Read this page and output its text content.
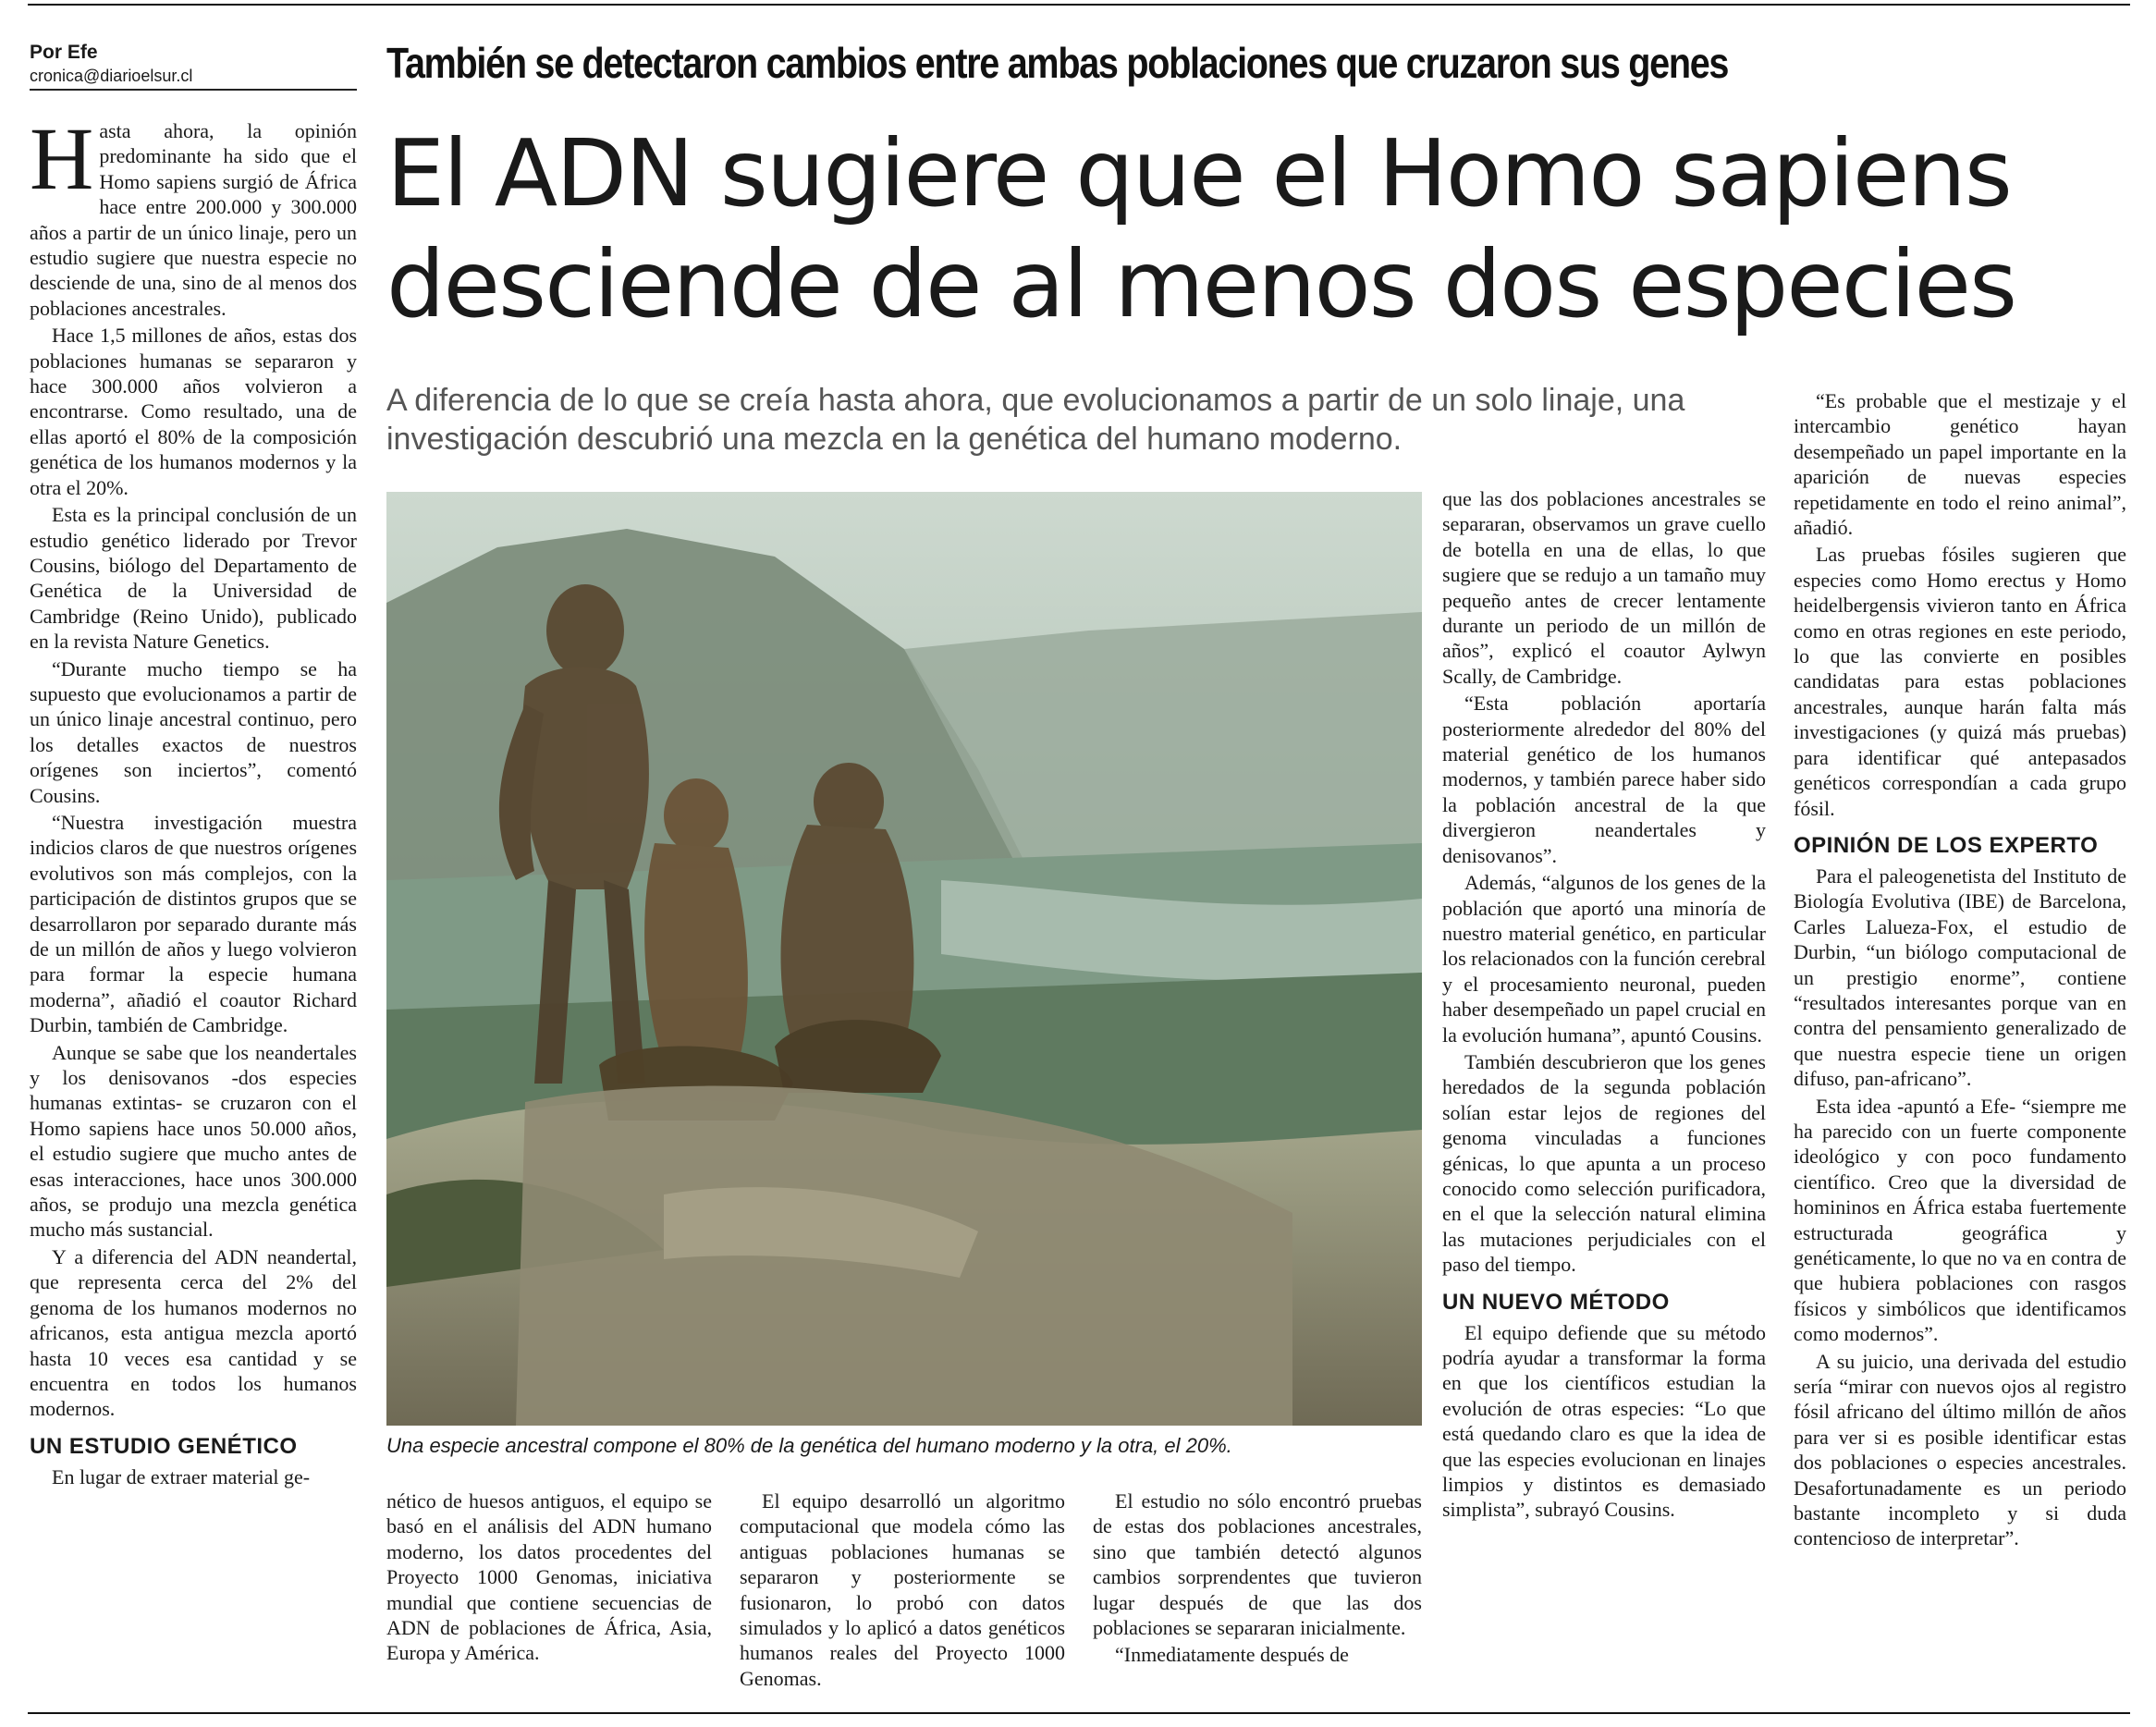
Por Efe
cronica@diarioelsur.cl	También se detectaron cambios entre ambas poblaciones que cruzaron sus genes
El ADN sugiere que el Homo sapiens desciende de al menos dos especies

A diferencia de lo que se creía hasta ahora, que evolucionamos a partir de un solo linaje, una investigación descubrió una mezcla en la genética del humano moderno.

Hasta ahora, la opinión predominante ha sido que el Homo sapiens surgió de África hace entre 200.000 y 300.000 años a partir de un único linaje, pero un estudio sugiere que nuestra especie no desciende de una, sino de al menos dos poblaciones ancestrales.

Hace 1,5 millones de años, estas dos poblaciones humanas se separaron y hace 300.000 años volvieron a encontrarse. Como resultado, una de ellas aportó el 80% de la composición genética de los humanos modernos y la otra el 20%.

Esta es la principal conclusión de un estudio genético liderado por Trevor Cousins, biólogo del Departamento de Genética de la Universidad de Cambridge (Reino Unido), publicado en la revista Nature Genetics.

“Durante mucho tiempo se ha supuesto que evolucionamos a partir de un único linaje ancestral continuo, pero los detalles exactos de nuestros orígenes son inciertos”, comentó Cousins.

“Nuestra investigación muestra indicios claros de que nuestros orígenes evolutivos son más complejos, con la participación de distintos grupos que se desarrollaron por separado durante más de un millón de años y luego volvieron para formar la especie humana moderna”, añadió el coautor Richard Durbin, también de Cambridge.

Aunque se sabe que los neandertales y los denisovanos -dos especies humanas extintas- se cruzaron con el Homo sapiens hace unos 50.000 años, el estudio sugiere que mucho antes de esas interacciones, hace unos 300.000 años, se produjo una mezcla genética mucho más sustancial.

Y a diferencia del ADN neandertal, que representa cerca del 2% del genoma de los humanos modernos no africanos, esta antigua mezcla aportó hasta 10 veces esa cantidad y se encuentra en todos los humanos modernos.

UN ESTUDIO GENÉTICO

En lugar de extraer material ge-

Una especie ancestral compone el 80% de la genética del humano moderno y la otra, el 20%.

nético de huesos antiguos, el equipo se basó en el análisis del ADN humano moderno, los datos procedentes del Proyecto 1000 Genomas, iniciativa mundial que contiene secuencias de ADN de poblaciones de África, Asia, Europa y América.

El equipo desarrolló un algoritmo computacional que modela cómo las antiguas poblaciones humanas se separaron y posteriormente se fusionaron, lo probó con datos simulados y lo aplicó a datos genéticos humanos reales del Proyecto 1000 Genomas.

El estudio no sólo encontró pruebas de estas dos poblaciones ancestrales, sino que también detectó algunos cambios sorprendentes que tuvieron lugar después de que las dos poblaciones se separaran inicialmente.

“Inmediatamente después de

que las dos poblaciones ancestrales se separaran, observamos un grave cuello de botella en una de ellas, lo que sugiere que se redujo a un tamaño muy pequeño antes de crecer lentamente durante un periodo de un millón de años”, explicó el coautor Aylwyn Scally, de Cambridge.

“Esta población aportaría posteriormente alrededor del 80% del material genético de los humanos modernos, y también parece haber sido la población ancestral de la que divergieron neandertales y denisovanos”.

Además, “algunos de los genes de la población que aportó una minoría de nuestro material genético, en particular los relacionados con la función cerebral y el procesamiento neuronal, pueden haber desempeñado un papel crucial en la evolución humana”, apuntó Cousins.

También descubrieron que los genes heredados de la segunda población solían estar lejos de regiones del genoma vinculadas a funciones génicas, lo que apunta a un proceso conocido como selección purificadora, en el que la selección natural elimina las mutaciones perjudiciales con el paso del tiempo.

UN NUEVO MÉTODO

El equipo defiende que su método podría ayudar a transformar la forma en que los científicos estudian la evolución de otras especies: “Lo que está quedando claro es que la idea de que las especies evolucionan en linajes limpios y distintos es demasiado simplista”, subrayó Cousins.

“Es probable que el mestizaje y el intercambio genético hayan desempeñado un papel importante en la aparición de nuevas especies repetidamente en todo el reino animal”, añadió.

Las pruebas fósiles sugieren que especies como Homo erectus y Homo heidelbergensis vivieron tanto en África como en otras regiones en este periodo, lo que las convierte en posibles candidatas para estas poblaciones ancestrales, aunque harán falta más investigaciones (y quizá más pruebas) para identificar qué antepasados genéticos correspondían a cada grupo fósil.

OPINIÓN DE LOS EXPERTO

Para el paleogenetista del Instituto de Biología Evolutiva (IBE) de Barcelona, Carles Lalueza-Fox, el estudio de Durbin, “un biólogo computacional de un prestigio enorme”, contiene “resultados interesantes porque van en contra del pensamiento generalizado de que nuestra especie tiene un origen difuso, pan-africano”.

Esta idea -apuntó a Efe- “siempre me ha parecido con un fuerte componente ideológico y con poco fundamento científico. Creo que la diversidad de homininos en África estaba fuertemente estructurada geográfica y genéticamente, lo que no va en contra de que hubiera poblaciones con rasgos físicos y simbólicos que identificamos como modernos”.

A su juicio, una derivada del estudio sería “mirar con nuevos ojos al registro fósil africano del último millón de años para ver si es posible identificar estas dos poblaciones o especies ancestrales. Desafortunadamente es un periodo bastante incompleto y si duda contencioso de interpretar”.
